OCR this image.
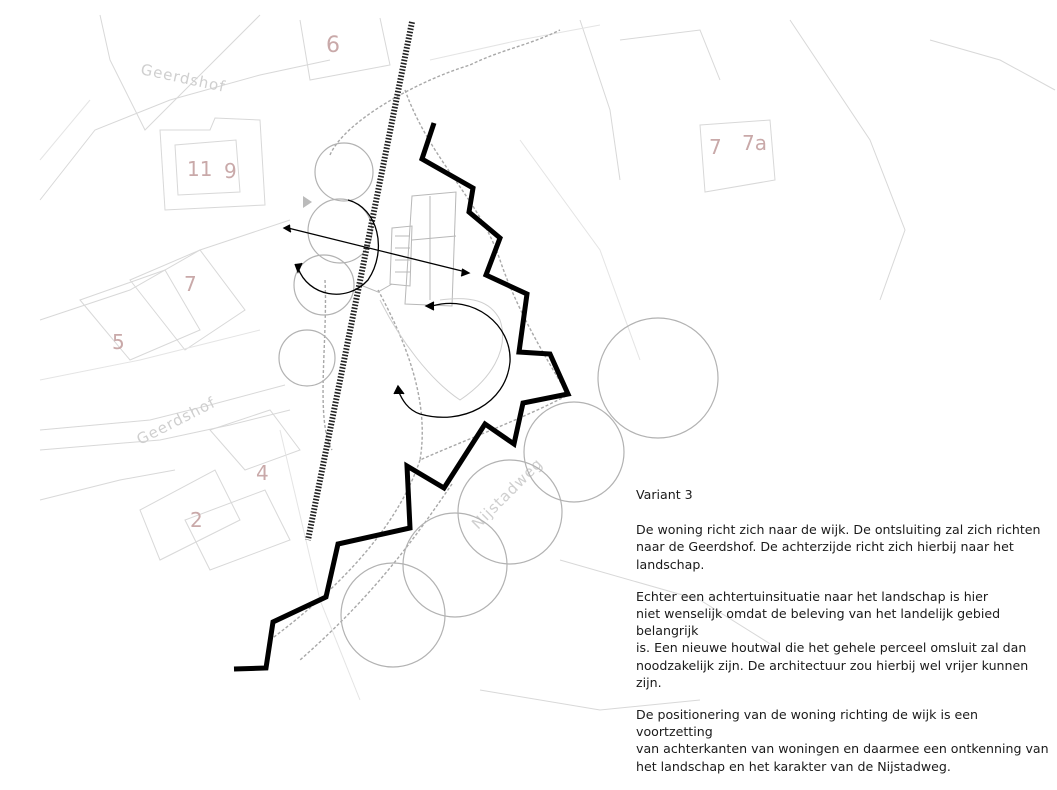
6
11 9
7
5
4
2
7 7a
Geerdshof
Geerdshof
Nijstadweg	Variant 3

De woning richt zich naar de wijk. De ontsluiting zal zich richten
naar de Geerdshof. De achterzijde richt zich hierbij naar het
landschap.

Echter een achtertuinsituatie naar het landschap is hier
niet wenselijk omdat de beleving van het landelijk gebied belangrijk
is. Een nieuwe houtwal die het gehele perceel omsluit zal dan
noodzakelijk zijn. De architectuur zou hierbij wel vrijer kunnen zijn.

De positionering van de woning richting de wijk is een voortzetting
van achterkanten van woningen en daarmee een ontkenning van
het landschap en het karakter van de Nijstadweg.
